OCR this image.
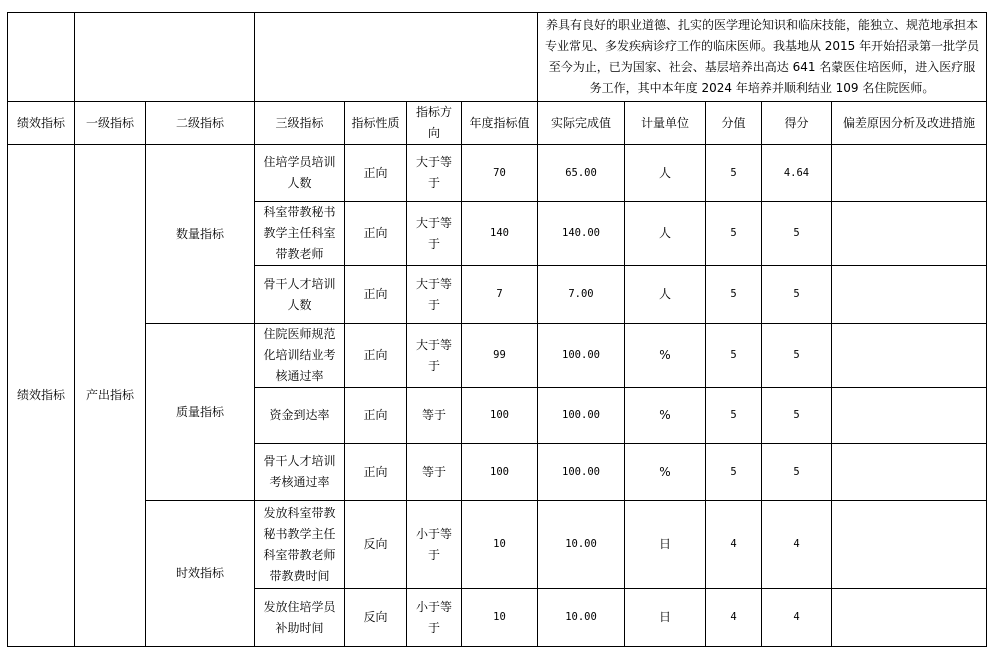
							养具有良好的职业道德、扎实的医学理论知识和临床技能，能独立、规范地承担本专业常见、多发疾病诊疗工作的临床医师。我基地从 2015 年开始招录第一批学员至今为止，已为国家、社会、基层培养出高达 641 名蒙医住培医师，进入医疗服务工作，其中本年度 2024 年培养并顺利结业 109 名住院医师。				
绩效指标	一级指标	二级指标	三级指标	指标性质	指标方向	年度指标值	实际完成值	计量单位	分值	得分	偏差原因分析及改进措施
绩效指标	产出指标	数量指标	住培学员培训人数	正向	大于等于	70	65.00	人	5	4.64	
			科室带教秘书教学主任科室带教老师	正向	大于等于	140	140.00	人	5	5	
			骨干人才培训人数	正向	大于等于	7	7.00	人	5	5	
		质量指标	住院医师规范化培训结业考核通过率	正向	大于等于	99	100.00	%	5	5	
			资金到达率	正向	等于	100	100.00	%	5	5	
			骨干人才培训考核通过率	正向	等于	100	100.00	%	5	5	
		时效指标	发放科室带教秘书教学主任科室带教老师带教费时间	反向	小于等于	10	10.00	日	4	4	
			发放住培学员补助时间	反向	小于等于	10	10.00	日	4	4	
